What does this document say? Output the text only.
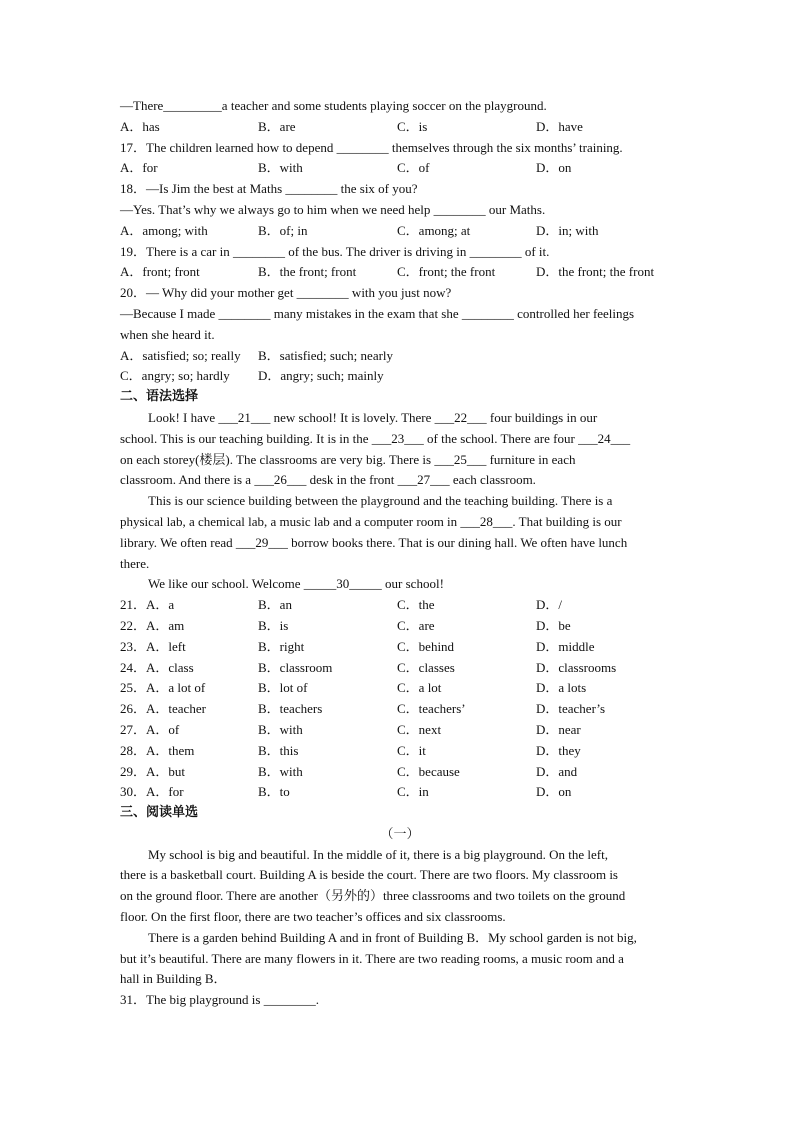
—There_________a teacher and some students playing soccer on the playground.
A．has	B．are	C．is	D．have
17．The children learned how to depend ________ themselves through the six months’ training.
A．for	B．with	C．of	D．on
18．—Is Jim the best at Maths ________ the six of you?
—Yes. That’s why we always go to him when we need help ________ our Maths.
A．among; with	B．of; in	C．among; at	D．in; with
19．There is a car in ________ of the bus. The driver is driving in ________ of it.
A．front; front	B．the front; front	C．front; the front	D．the front; the front
20．— Why did your mother get ________ with you just now?
—Because I made ________ many mistakes in the exam that she ________ controlled her feelings
when she heard it.
A．satisfied; so; really B．satisfied; such; nearly
C．angry; so; hardly D．angry; such; mainly
二、语法选择
Look! I have ___21___ new school! It is lovely. There ___22___ four buildings in our
school. This is our teaching building. It is in the ___23___ of the school. There are four ___24___
on each storey(楼层). The classrooms are very big. There is ___25___ furniture in each
classroom. And there is a ___26___ desk in the front ___27___ each classroom.
This is our science building between the playground and the teaching building. There is a
physical lab, a chemical lab, a music lab and a computer room in ___28___. That building is our
library. We often read ___29___ borrow books there. That is our dining hall. We often have lunch
there.
We like our school. Welcome _____30_____ our school!
21．A．a	B．an	C．the	D．/
22．A．am	B．is	C．are	D．be
23．A．left	B．right	C．behind	D．middle
24．A．class	B．classroom	C．classes	D．classrooms
25．A．a lot of	B．lot of	C．a lot	D．a lots
26．A．teacher	B．teachers	C．teachers’	D．teacher’s
27．A．of	B．with	C．next	D．near
28．A．them	B．this	C．it	D．they
29．A．but	B．with	C．because	D．and
30．A．for	B．to	C．in	D．on
三、阅读单选
（一）
My school is big and beautiful. In the middle of it, there is a big playground. On the left,
there is a basketball court. Building A is beside the court. There are two floors. My classroom is
on the ground floor. There are another（另外的）three classrooms and two toilets on the ground
floor. On the first floor, there are two teacher’s offices and six classrooms.
There is a garden behind Building A and in front of Building B．My school garden is not big,
but it’s beautiful. There are many flowers in it. There are two reading rooms, a music room and a
hall in Building B．
31．The big playground is ________.
